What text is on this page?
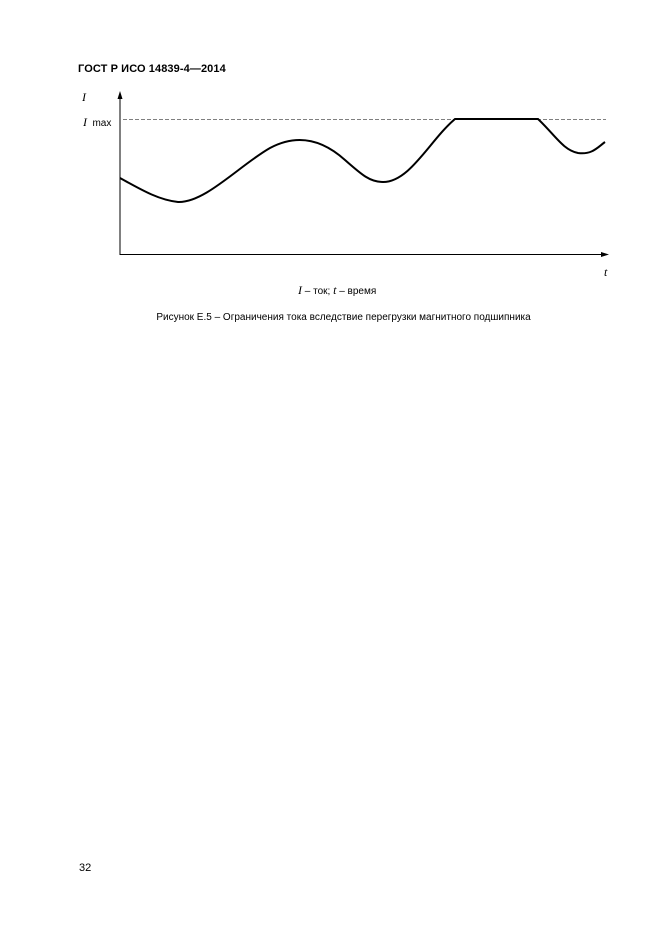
ГОСТ Р ИСО 14839-4—2014
I
t
I max
I – ток; t – время
Рисунок Е.5 – Ограничения тока вследствие перегрузки магнитного подшипника
32
